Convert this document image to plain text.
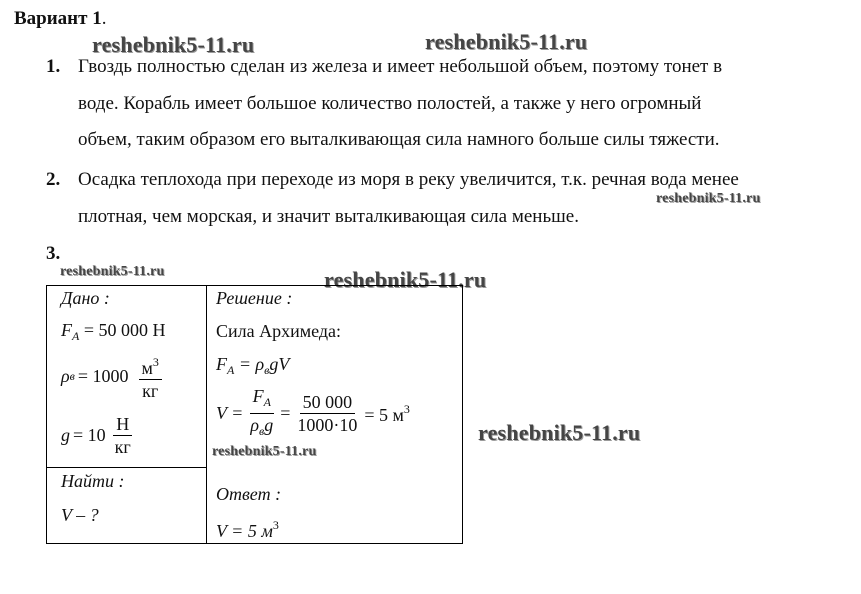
Вариант 1.
reshebnik5-11.ru	reshebnik5-11.ru
reshebnik5-11.ru
reshebnik5-11.ru	reshebnik5-11.ru
reshebnik5-11.ru
reshebnik5-11.ru
1. Гвоздь полностью сделан из железа и имеет небольшой объем, поэтому тонет в
воде. Корабль имеет большое количество полостей, а также у него огромный
объем, таким образом его выталкивающая сила намного больше силы тяжести.
2. Осадка теплохода при переходе из моря в реку увеличится, т.к. речная вода менее
плотная, чем морская, и значит выталкивающая сила меньше.
3.
Дано :
$F_A = 50$ 000 Н
ρ $в = 1000 \frac{м^3}{кг}$
$g = 10 \frac{Н}{кг}$
Найти :
V – ?
Решение :
Сила Архимеда:
$F_A = \rho_вgV$
$V = \frac{F_A}{\rho_вg} = \frac{50 000}{1000\cdot 10} = 5$ $м^3$
Ответ :
V = 5 $м^3$
